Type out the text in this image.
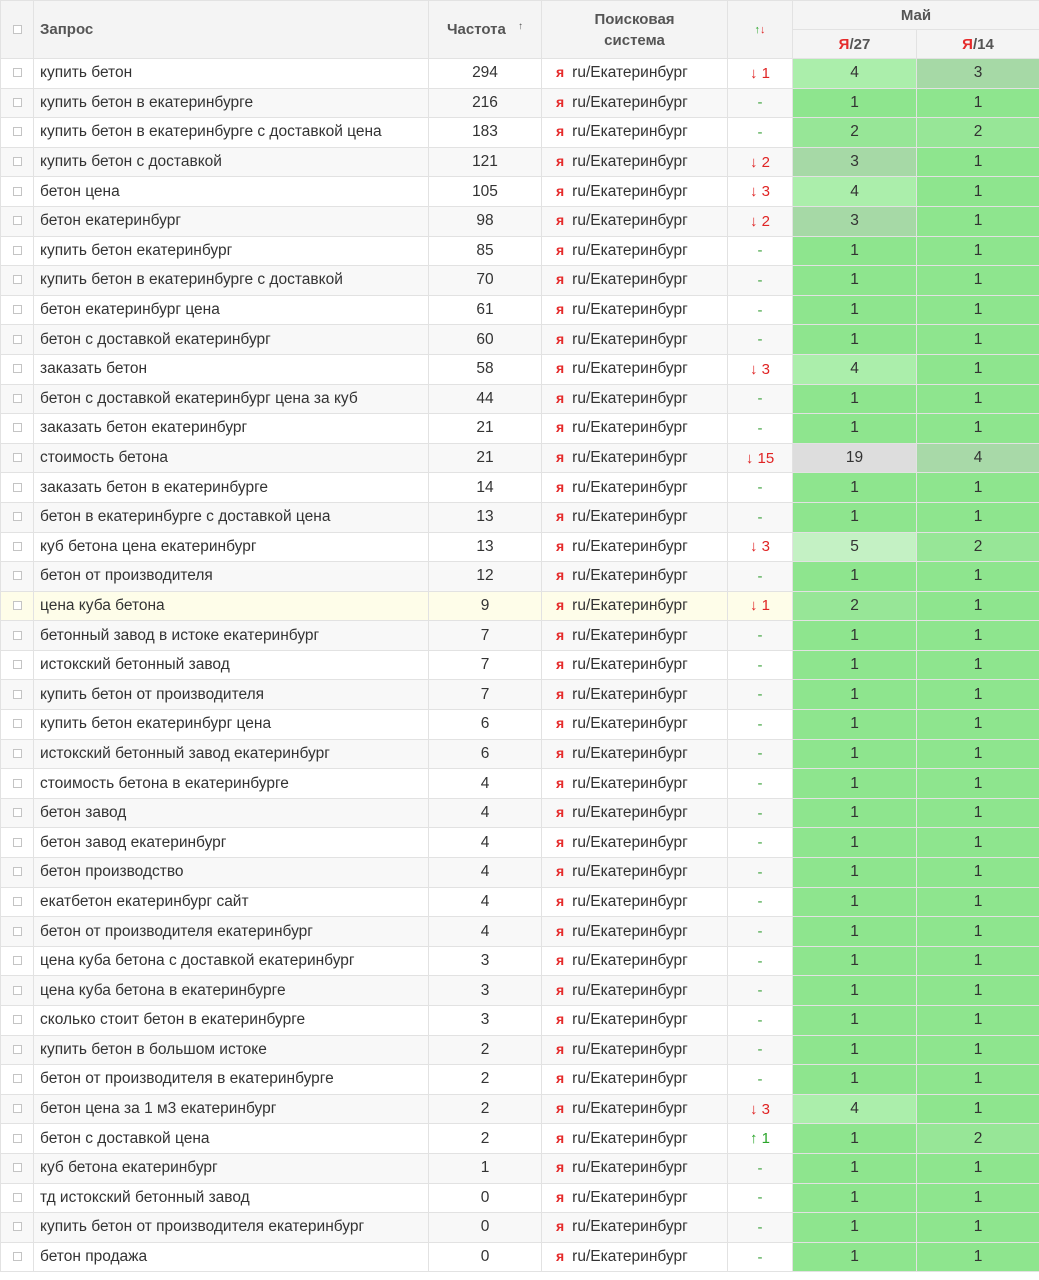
	Запрос	Частота ↑	Поисковая
система	↑↓	Май	
					Я/27	Я/14
	купить бетон	294	я ru/Екатеринбург	↓ 1	4	3
	купить бетон в екатеринбурге	216	я ru/Екатеринбург	-	1	1
	купить бетон в екатеринбурге с доставкой цена	183	я ru/Екатеринбург	-	2	2
	купить бетон с доставкой	121	я ru/Екатеринбург	↓ 2	3	1
	бетон цена	105	я ru/Екатеринбург	↓ 3	4	1
	бетон екатеринбург	98	я ru/Екатеринбург	↓ 2	3	1
	купить бетон екатеринбург	85	я ru/Екатеринбург	-	1	1
	купить бетон в екатеринбурге с доставкой	70	я ru/Екатеринбург	-	1	1
	бетон екатеринбург цена	61	я ru/Екатеринбург	-	1	1
	бетон с доставкой екатеринбург	60	я ru/Екатеринбург	-	1	1
	заказать бетон	58	я ru/Екатеринбург	↓ 3	4	1
	бетон с доставкой екатеринбург цена за куб	44	я ru/Екатеринбург	-	1	1
	заказать бетон екатеринбург	21	я ru/Екатеринбург	-	1	1
	стоимость бетона	21	я ru/Екатеринбург	↓ 15	19	4
	заказать бетон в екатеринбурге	14	я ru/Екатеринбург	-	1	1
	бетон в екатеринбурге с доставкой цена	13	я ru/Екатеринбург	-	1	1
	куб бетона цена екатеринбург	13	я ru/Екатеринбург	↓ 3	5	2
	бетон от производителя	12	я ru/Екатеринбург	-	1	1
	цена куба бетона	9	я ru/Екатеринбург	↓ 1	2	1
	бетонный завод в истоке екатеринбург	7	я ru/Екатеринбург	-	1	1
	истокский бетонный завод	7	я ru/Екатеринбург	-	1	1
	купить бетон от производителя	7	я ru/Екатеринбург	-	1	1
	купить бетон екатеринбург цена	6	я ru/Екатеринбург	-	1	1
	истокский бетонный завод екатеринбург	6	я ru/Екатеринбург	-	1	1
	стоимость бетона в екатеринбурге	4	я ru/Екатеринбург	-	1	1
	бетон завод	4	я ru/Екатеринбург	-	1	1
	бетон завод екатеринбург	4	я ru/Екатеринбург	-	1	1
	бетон производство	4	я ru/Екатеринбург	-	1	1
	екатбетон екатеринбург сайт	4	я ru/Екатеринбург	-	1	1
	бетон от производителя екатеринбург	4	я ru/Екатеринбург	-	1	1
	цена куба бетона с доставкой екатеринбург	3	я ru/Екатеринбург	-	1	1
	цена куба бетона в екатеринбурге	3	я ru/Екатеринбург	-	1	1
	сколько стоит бетон в екатеринбурге	3	я ru/Екатеринбург	-	1	1
	купить бетон в большом истоке	2	я ru/Екатеринбург	-	1	1
	бетон от производителя в екатеринбурге	2	я ru/Екатеринбург	-	1	1
	бетон цена за 1 м3 екатеринбург	2	я ru/Екатеринбург	↓ 3	4	1
	бетон с доставкой цена	2	я ru/Екатеринбург	↑ 1	1	2
	куб бетона екатеринбург	1	я ru/Екатеринбург	-	1	1
	тд истокский бетонный завод	0	я ru/Екатеринбург	-	1	1
	купить бетон от производителя екатеринбург	0	я ru/Екатеринбург	-	1	1
	бетон продажа	0	я ru/Екатеринбург	-	1	1
